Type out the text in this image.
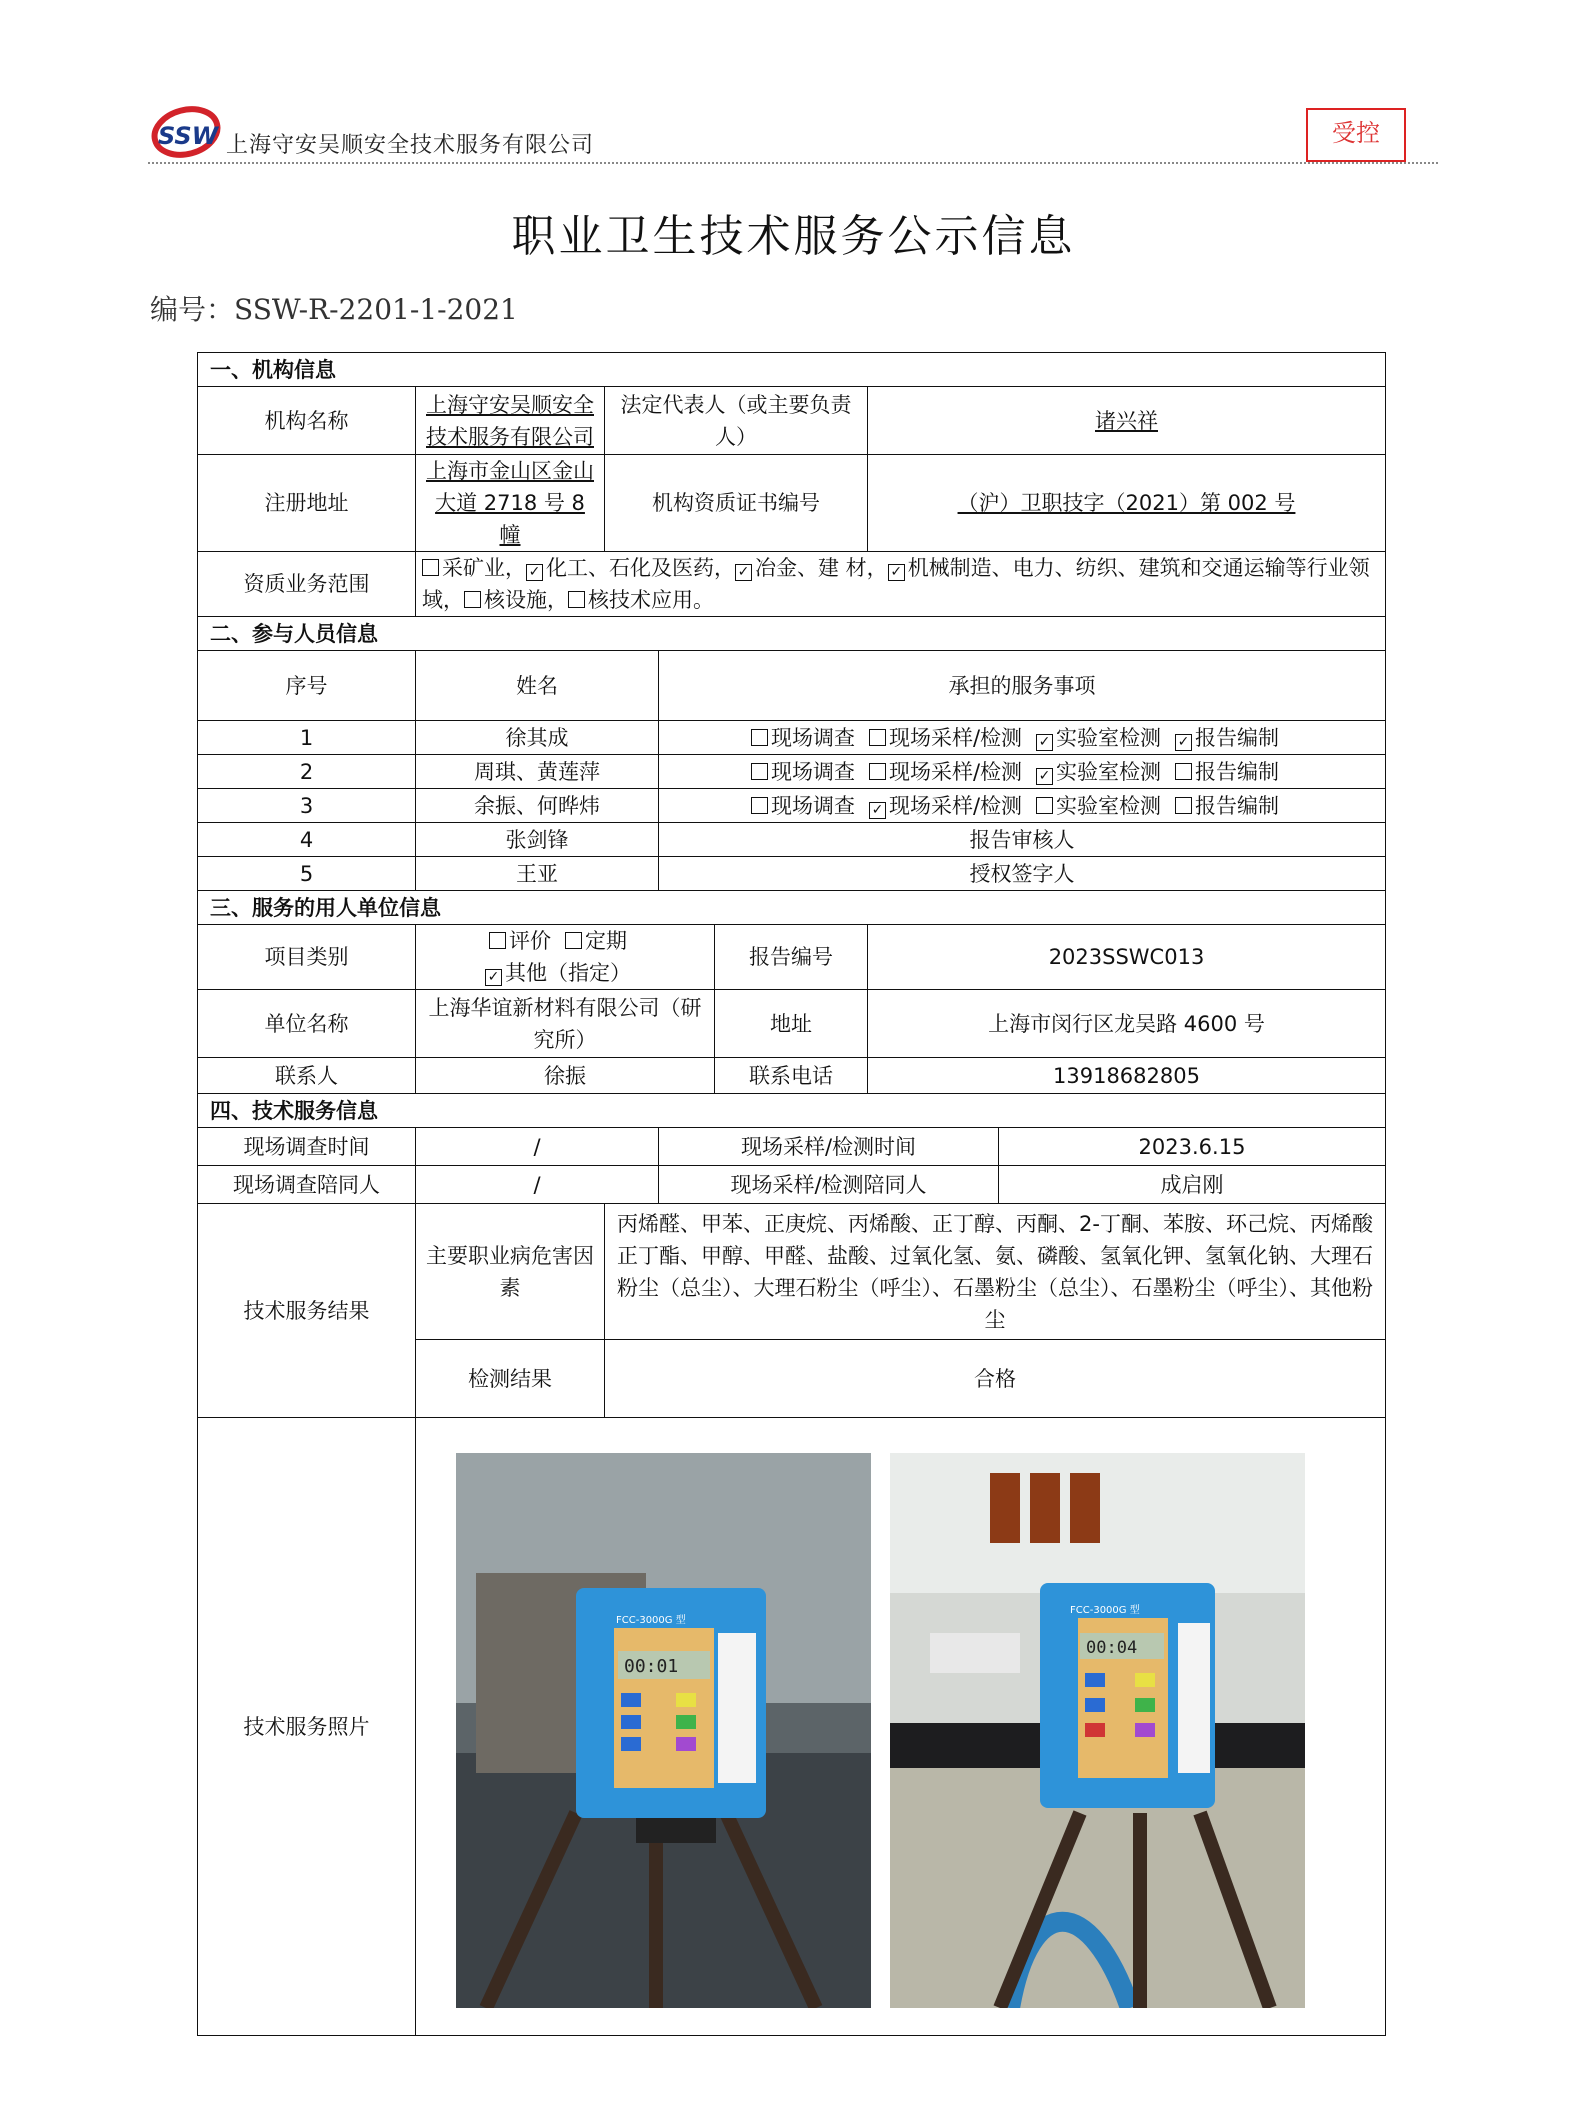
SSW 上海守安吴顺安全技术服务有限公司	受控
职业卫生技术服务公示信息
编号：SSW-R-2201-1-2021
一、机构信息						
机构名称	上海守安吴顺安全技术服务有限公司	法定代表人（或主要负责人）			诸兴祥	
注册地址	上海市金山区金山大道 2718 号 8 幢	机构资质证书编号			（沪）卫职技字（2021）第 002 号	
资质业务范围	采矿业， ✓ 化工、石化及医药， ✓ 冶金、建 材， ✓ 机械制造、电力、纺织、建筑和交通运输等行业领域， 核设施， 核技术应用。					
二、参与人员信息						
序号	姓名		承担的服务事项			
1	徐其成		现场调查 现场采样/检测 ✓ 实验室检测 ✓ 报告编制			
2	周琪、黄莲萍		现场调查 现场采样/检测 ✓ 实验室检测 报告编制			
3	余振、何晔炜		现场调查 ✓ 现场采样/检测 实验室检测 报告编制			
4	张剑锋		报告审核人			
5	王亚		授权签字人			
三、服务的用人单位信息						
项目类别	评价 定期✓ 其他（指定）			报告编号	2023SSWC013	
单位名称	上海华谊新材料有限公司（研究所）			地址	上海市闵行区龙吴路 4600 号	
联系人	徐振			联系电话	13918682805	
四、技术服务信息						
现场调查时间	/		现场采样/检测时间			2023.6.15
现场调查陪同人	/		现场采样/检测陪同人			成启刚
技术服务结果	主要职业病危害因素	丙烯醛、甲苯、正庚烷、丙烯酸、正丁醇、丙酮、2-丁酮、苯胺、环己烷、丙烯酸正丁酯、甲醇、甲醛、盐酸、过氧化氢、氨、磷酸、氢氧化钾、氢氧化钠、大理石粉尘（总尘）、大理石粉尘（呼尘）、石墨粉尘（总尘）、石墨粉尘（呼尘）、其他粉尘				
	检测结果	合格				
技术服务照片	FCC-3000G 型
00:01
FCC-3000G 型
00:04					
